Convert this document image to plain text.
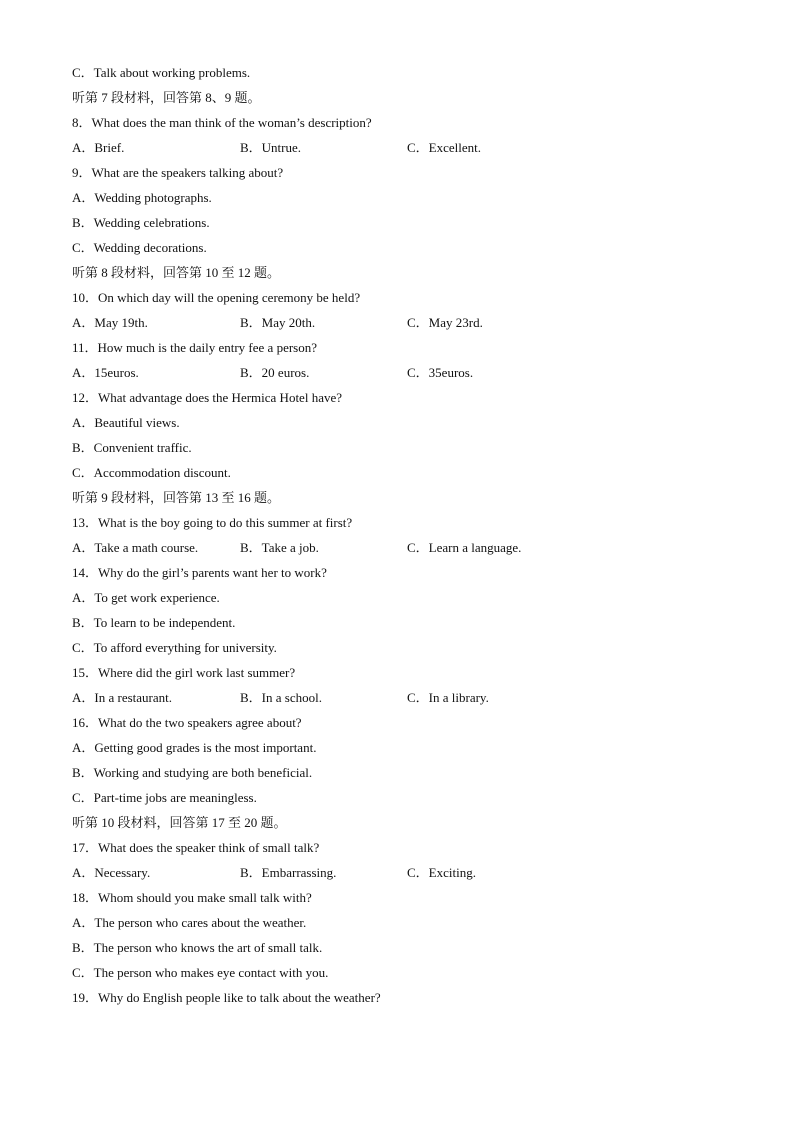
C．Talk about working problems.
听第 7 段材料，回答第 8、9 题。
8．What does the man think of the woman’s description?
A．Brief.	B．Untrue.	C．Excellent.
9．What are the speakers talking about?
A．Wedding photographs.
B．Wedding celebrations.
C．Wedding decorations.
听第 8 段材料，回答第 10 至 12 题。
10．On which day will the opening ceremony be held?
A．May 19th.	B．May 20th.	C．May 23rd.
11．How much is the daily entry fee a person?
A．15euros.	B．20 euros.	C．35euros.
12．What advantage does the Hermica Hotel have?
A．Beautiful views.
B．Convenient traffic.
C．Accommodation discount.
听第 9 段材料，回答第 13 至 16 题。
13．What is the boy going to do this summer at first?
A．Take a math course.	B．Take a job.	C．Learn a language.
14．Why do the girl’s parents want her to work?
A．To get work experience.
B．To learn to be independent.
C．To afford everything for university.
15．Where did the girl work last summer?
A．In a restaurant.	B．In a school.	C．In a library.
16．What do the two speakers agree about?
A．Getting good grades is the most important.
B．Working and studying are both beneficial.
C．Part-time jobs are meaningless.
听第 10 段材料，回答第 17 至 20 题。
17．What does the speaker think of small talk?
A．Necessary.	B．Embarrassing.	C．Exciting.
18．Whom should you make small talk with?
A．The person who cares about the weather.
B．The person who knows the art of small talk.
C．The person who makes eye contact with you.
19．Why do English people like to talk about the weather?
